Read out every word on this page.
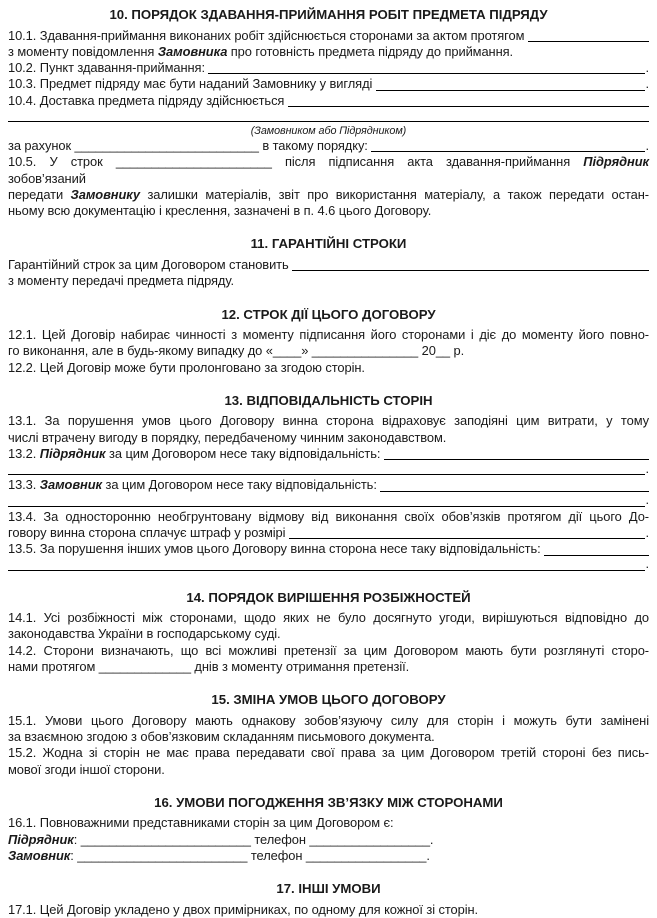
10. ПОРЯДОК ЗДАВАННЯ-ПРИЙМАННЯ РОБІТ ПРЕДМЕТА ПІДРЯДУ

10.1. Здавання-приймання виконаних робіт здійснюється сторонами за актом протягом

з моменту повідомлення Замовника про готовність предмета підряду до приймання.

10.2. Пункт здавання-приймання:	.

10.3. Предмет підряду має бути наданий Замовнику у вигляді	.

10.4. Доставка предмета підряду здійснюється

(Замовником або Підрядником)

за рахунок __________________________ в такому порядку:	.

10.5. У строк ______________________ після підписання акта здавання-приймання Підрядник зобов’язаний

передати Замовнику залишки матеріалів, звіт про використання матеріалу, а також передати остан-

ньому всю документацію і креслення, зазначені в п. 4.6 цього Договору.

11. ГАРАНТІЙНІ СТРОКИ

Гарантійний строк за цим Договором становить

з моменту передачі предмета підряду.

12. СТРОК ДІЇ ЦЬОГО ДОГОВОРУ

12.1. Цей Договір набирає чинності з моменту підписання його сторонами і діє до моменту його повно-

го виконання, але в будь-якому випадку до «____» _______________ 20__ р.

12.2. Цей Договір може бути пролонговано за згодою сторін.

13. ВІДПОВІДАЛЬНІСТЬ СТОРІН

13.1. За порушення умов цього Договору винна сторона відраховує заподіяні цим витрати, у тому

числі втрачену вигоду в порядку, передбаченому чинним законодавством.

13.2. Підрядник за цим Договором несе таку відповідальність:

.

13.3. Замовник за цим Договором несе таку відповідальність:

.

13.4. За односторонню необгрунтовану відмову від виконання своїх обов’язків протягом дії цього До-

говору винна сторона сплачує штраф у розмірі	.

13.5. За порушення інших умов цього Договору винна сторона несе таку відповідальність:

.

14. ПОРЯДОК ВИРІШЕННЯ РОЗБІЖНОСТЕЙ

14.1. Усі розбіжності між сторонами, щодо яких не було досягнуто угоди, вирішуються відповідно до

законодавства України в господарському суді.

14.2. Сторони визначають, що всі можливі претензії за цим Договором мають бути розглянуті сторо-

нами протягом _____________ днів з моменту отримання претензії.

15. ЗМІНА УМОВ ЦЬОГО ДОГОВОРУ

15.1. Умови цього Договору мають однакову зобов’язуючу силу для сторін і можуть бути замінені

за взаємною згодою з обов’язковим складанням письмового документа.

15.2. Жодна зі сторін не має права передавати свої права за цим Договором третій стороні без пись-

мової згоди іншої сторони.

16. УМОВИ ПОГОДЖЕННЯ ЗВ’ЯЗКУ МІЖ СТОРОНАМИ

16.1. Повноважними представниками сторін за цим Договором є:

Підрядник: ________________________ телефон _________________.

Замовник: ________________________ телефон _________________.

17. ІНШІ УМОВИ

17.1. Цей Договір укладено у двох примірниках, по одному для кожної зі сторін.
